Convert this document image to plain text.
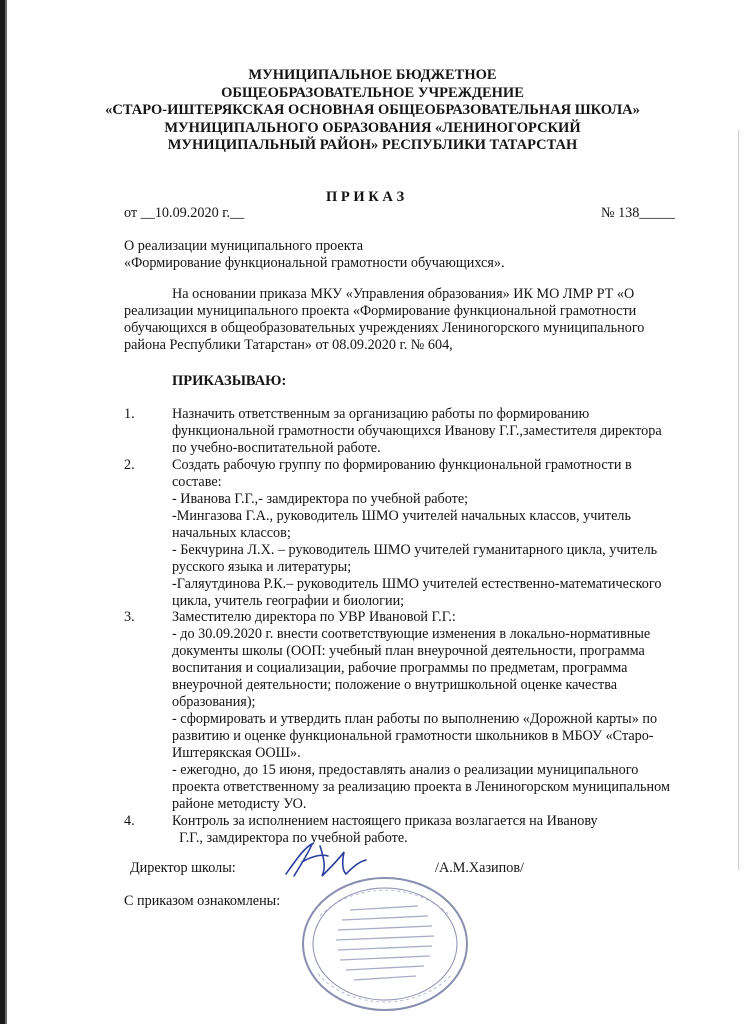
МУНИЦИПАЛЬНОЕ БЮДЖЕТНОЕ
ОБЩЕОБРАЗОВАТЕЛЬНОЕ УЧРЕЖДЕНИЕ
«СТАРО-ИШТЕРЯКСКАЯ ОСНОВНАЯ ОБЩЕОБРАЗОВАТЕЛЬНАЯ ШКОЛА»
МУНИЦИПАЛЬНОГО ОБРАЗОВАНИЯ «ЛЕНИНОГОРСКИЙ
МУНИЦИПАЛЬНЫЙ РАЙОН» РЕСПУБЛИКИ ТАТАРСТАН
П Р И К А З
от __10.09.2020 г.__	№ 138_____
О реализации муниципального проекта
«Формирование функциональной грамотности обучающихся».
На основании приказа МКУ «Управления образования» ИК МО ЛМР РТ «О
реализации муниципального проекта «Формирование функциональной грамотности
обучающихся в общеобразовательных учреждениях Лениногорского муниципального
района Республики Татарстан» от 08.09.2020 г. № 604,
ПРИКАЗЫВАЮ:
1.	Назначить ответственным за организацию работы по формированию
функциональной грамотности обучающихся Иванову Г.Г.,заместителя директора
по учебно-воспитательной работе.
2.	Создать рабочую группу по формированию функциональной грамотности в
составе:
- Иванова Г.Г.,- замдиректора по учебной работе;
-Мингазова Г.А., руководитель ШМО учителей начальных классов, учитель
начальных классов;
- Бекчурина Л.Х. – руководитель ШМО учителей гуманитарного цикла, учитель
русского языка и литературы;
-Галяутдинова Р.К.– руководитель ШМО учителей естественно-математического
цикла, учитель географии и биологии;
3.	Заместителю директора по УВР Ивановой Г.Г.:
- до 30.09.2020 г. внести соответствующие изменения в локально-нормативные
документы школы (ООП: учебный план внеурочной деятельности, программа
воспитания и социализации, рабочие программы по предметам, программа
внеурочной деятельности; положение о внутришкольной оценке качества
образования);
- сформировать и утвердить план работы по выполнению «Дорожной карты» по
развитию и оценке функциональной грамотности школьников в МБОУ «Старо-
Иштерякская ООШ».
- ежегодно, до 15 июня, предоставлять анализ о реализации муниципального
проекта ответственному за реализацию проекта в Лениногорском муниципальном
районе методисту УО.
4.	Контроль за исполнением настоящего приказа возлагается на Иванову
Г.Г., замдиректора по учебной работе.
Директор школы:	/А.М.Хазипов/
С приказом ознакомлены:
